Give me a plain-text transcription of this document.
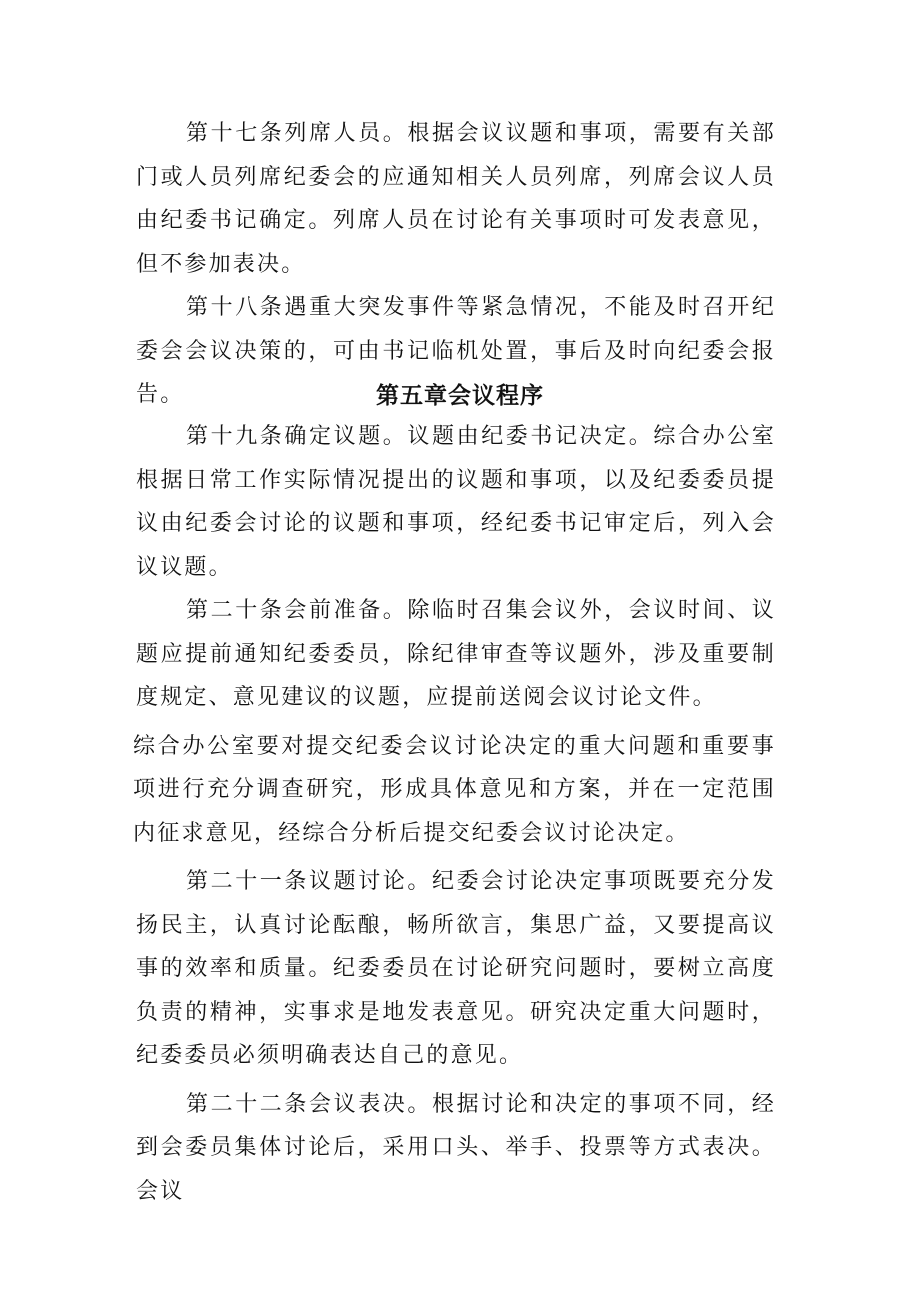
第十七条列席人员。根据会议议题和事项，需要有关部门或人员列席纪委会的应通知相关人员列席，列席会议人员由纪委书记确定。列席人员在讨论有关事项时可发表意见，但不参加表决。

第十八条遇重大突发事件等紧急情况，不能及时召开纪委会会议决策的，可由书记临机处置，事后及时向纪委会报告。	第五章会议程序

第十九条确定议题。议题由纪委书记决定。综合办公室根据日常工作实际情况提出的议题和事项，以及纪委委员提议由纪委会讨论的议题和事项，经纪委书记审定后，列入会议议题。

第二十条会前准备。除临时召集会议外，会议时间、议题应提前通知纪委委员，除纪律审查等议题外，涉及重要制度规定、意见建议的议题，应提前送阅会议讨论文件。

综合办公室要对提交纪委会议讨论决定的重大问题和重要事项进行充分调查研究，形成具体意见和方案，并在一定范围内征求意见，经综合分析后提交纪委会议讨论决定。

第二十一条议题讨论。纪委会讨论决定事项既要充分发扬民主，认真讨论酝酿，畅所欲言，集思广益，又要提高议事的效率和质量。纪委委员在讨论研究问题时，要树立高度负责的精神，实事求是地发表意见。研究决定重大问题时，纪委委员必须明确表达自己的意见。

第二十二条会议表决。根据讨论和决定的事项不同，经到会委员集体讨论后，采用口头、举手、投票等方式表决。会议
